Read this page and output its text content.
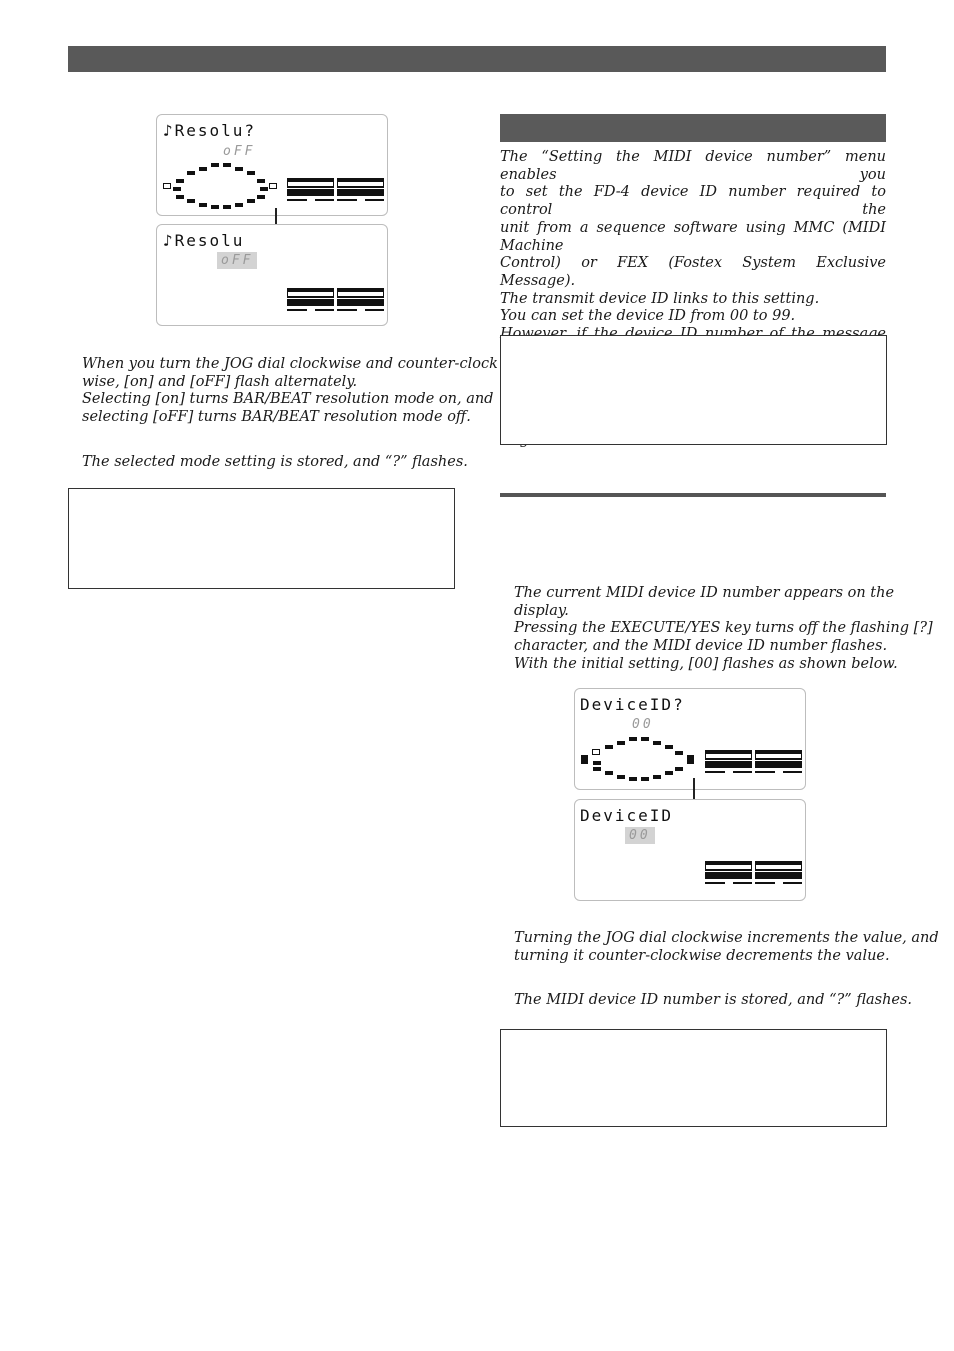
♪Resolu?
oFF
♪Resolu
oFF

When you turn the JOG dial clockwise and counter-clock
wise, [on] and [oFF] flash alternately.
Selecting [on] turns BAR/BEAT resolution mode on, and
selecting [oFF] turns BAR/BEAT resolution mode off.

The selected mode setting is stored, and “?” flashes.

The “Setting the MIDI device number” menu enables you
to set the FD-4 device ID number required to control the
unit from a sequence software using MMC (MIDI Machine
Control) or FEX (Fostex System Exclusive Message).
The transmit device ID links to this setting.
You can set the device ID from 00 to 99.

The current MIDI device ID number appears on the
display.
Pressing the EXECUTE/YES key turns off the flashing [?]
character, and the MIDI device ID number flashes.
With the initial setting, [00] flashes as shown below.

DeviceID?
00
DeviceID
00

Turning the JOG dial clockwise increments the value, and
turning it counter-clockwise decrements the value.

The MIDI device ID number is stored, and “?” flashes.
